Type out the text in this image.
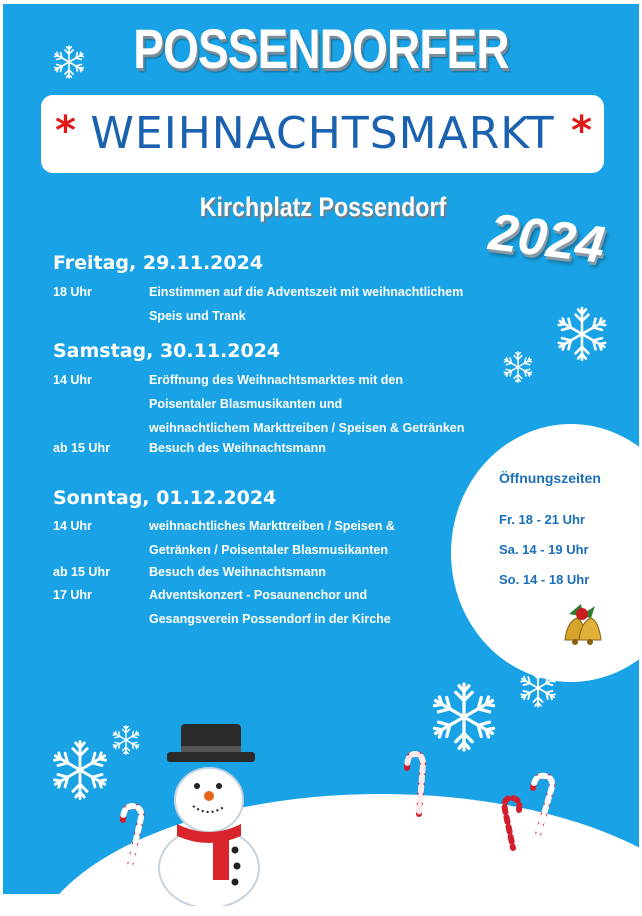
POSSENDORFER
* WEIHNACHTSMARKT *
Kirchplatz Possendorf 2024
Freitag, 29.11.2024
18 Uhr	Einstimmen auf die Adventszeit mit weihnachtlichem
Speis und Trank
Samstag, 30.11.2024
14 Uhr	Eröffnung des Weihnachtsmarktes mit den
Poisentaler Blasmusikanten und
weihnachtlichem Markttreiben / Speisen & Getränken
ab 15 Uhr	Besuch des Weihnachtsmann
Sonntag, 01.12.2024
14 Uhr	weihnachtliches Markttreiben / Speisen &
Getränken / Poisentaler Blasmusikanten
ab 15 Uhr	Besuch des Weihnachtsmann
17 Uhr	Adventskonzert - Posaunenchor und
Gesangsverein Possendorf in der Kirche
Öffnungszeiten
Fr. 18 - 21 Uhr
Sa. 14 - 19 Uhr
So. 14 - 18 Uhr
